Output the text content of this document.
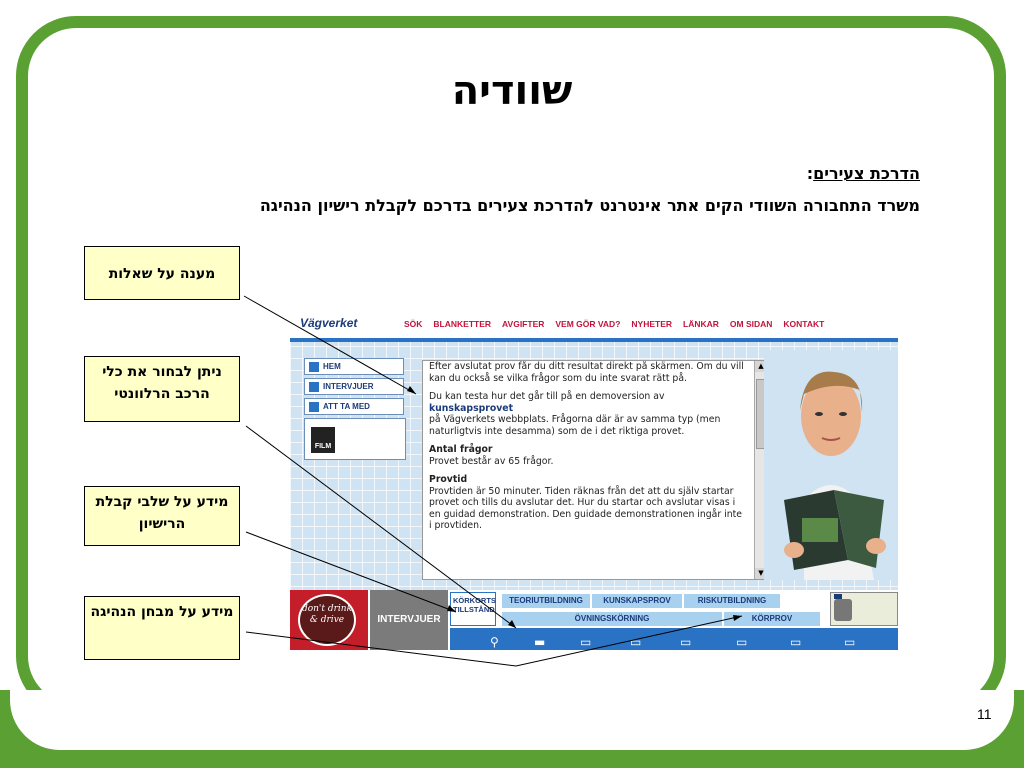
אור ירוק	11
שוודיה
הדרכת צעירים:
משרד התחבורה השוודי הקים אתר אינטרנט להדרכת צעירים בדרכם לקבלת רישיון הנהיגה
מענה על שאלות
ניתן לבחור את כלי הרכב הרלוונטי
מידע על שלבי קבלת הרישיון
מידע על מבחן הנהיגה
Vägverket	SÖK BLANKETTER AVGIFTER VEM GÖR VAD? NYHETER LÄNKAR OM SIDAN KONTAKT
HEM
INTERVJUER
ATT TA MED
FILM

Efter avslutat prov får du ditt resultat direkt på skärmen. Om du vill kan du också se vilka frågor som du inte svarat rätt på.

Du kan testa hur det går till på en demoversion av
kunskapsprovet
på Vägverkets webbplats. Frågorna där är av samma typ (men naturligtvis inte desamma) som de i det riktiga provet.

Antal frågor
Provet består av 65 frågor.

Provtid
Provtiden är 50 minuter. Tiden räknas från det att du själv startar provet och tills du avslutar det. Hur du startar och avslutar visas i en guidad demonstration. Den guidade demonstrationen ingår inte i provtiden.

▲
▼
don't drink & drive	INTERVJUER
KÖRKORTS TILLSTÅND
TEORIUTBILDNING	KUNSKAPSPROV	RISKUTBILDNING
ÖVNINGSKÖRNING	KÖRPROV
⚲	▬	▭	▭	▭	▭	▭	▭
